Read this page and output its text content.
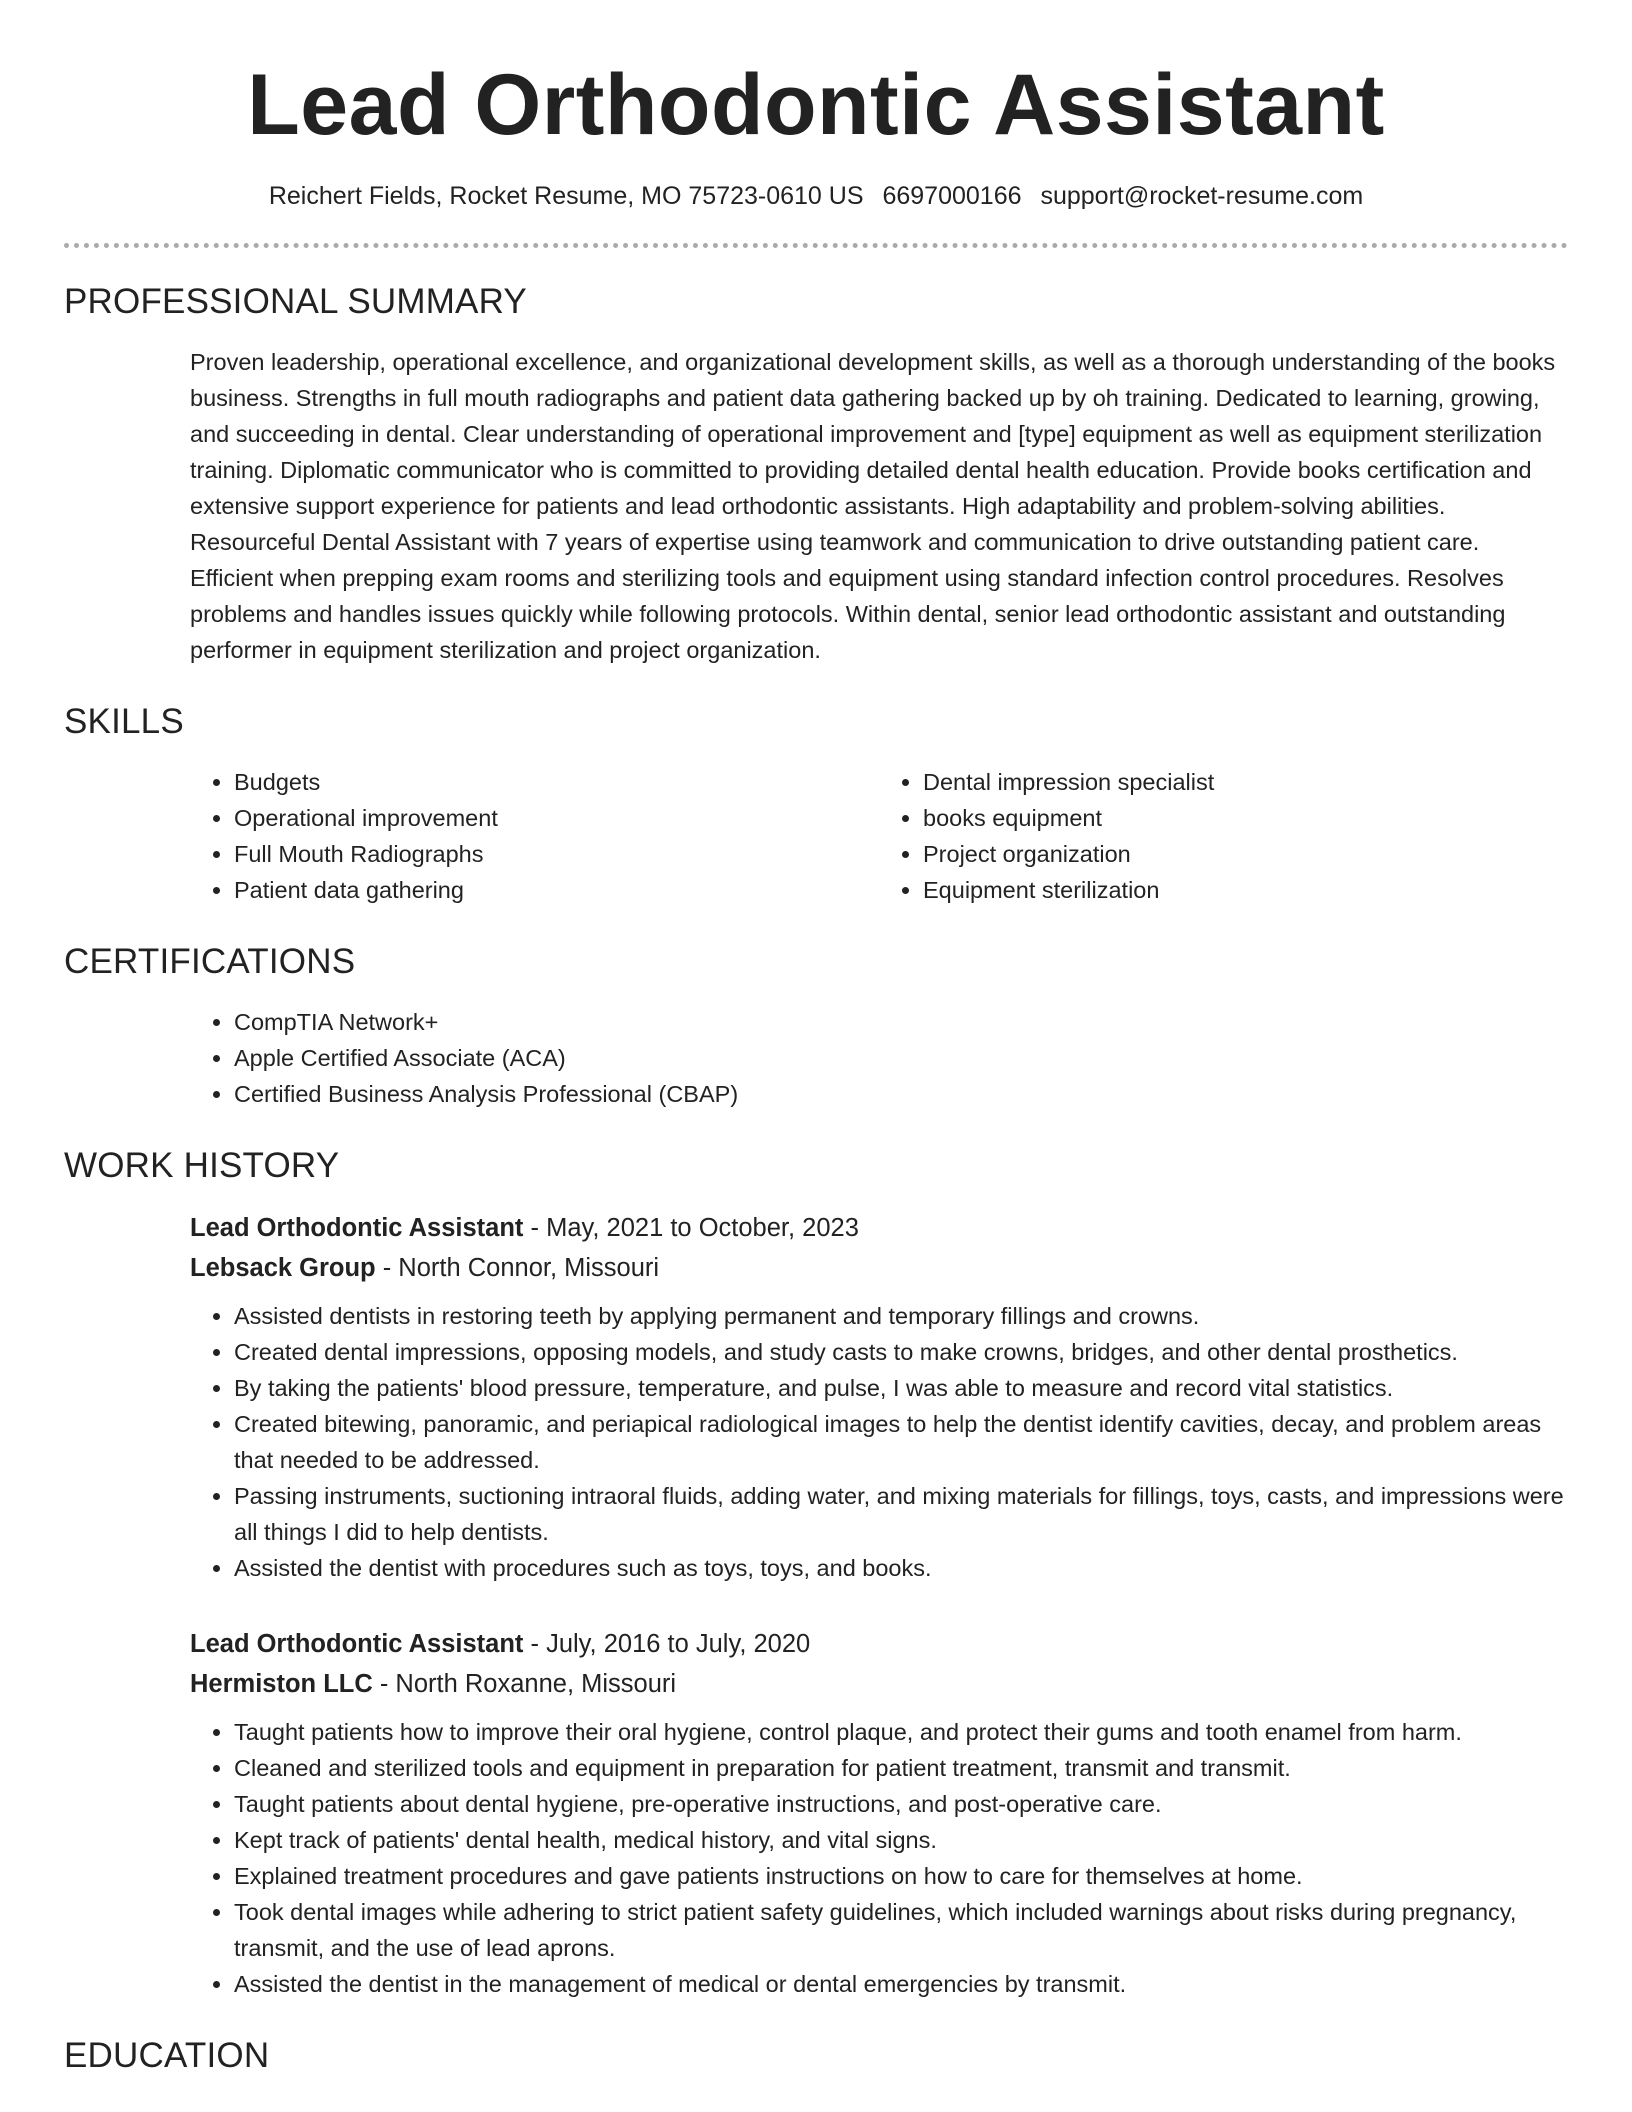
Lead Orthodontic Assistant
Reichert Fields, Rocket Resume, MO 75723-0610 US 6697000166 support@rocket-resume.com
PROFESSIONAL SUMMARY
Proven leadership, operational excellence, and organizational development skills, as well as a thorough understanding of the books business. Strengths in full mouth radiographs and patient data gathering backed up by oh training. Dedicated to learning, growing, and succeeding in dental. Clear understanding of operational improvement and [type] equipment as well as equipment sterilization training. Diplomatic communicator who is committed to providing detailed dental health education. Provide books certification and extensive support experience for patients and lead orthodontic assistants. High adaptability and problem-solving abilities. Resourceful Dental Assistant with 7 years of expertise using teamwork and communication to drive outstanding patient care. Efficient when prepping exam rooms and sterilizing tools and equipment using standard infection control procedures. Resolves problems and handles issues quickly while following protocols. Within dental, senior lead orthodontic assistant and outstanding performer in equipment sterilization and project organization.
SKILLS
• Budgets
• Operational improvement
• Full Mouth Radiographs
• Patient data gathering
• Dental impression specialist
• books equipment
• Project organization
• Equipment sterilization
CERTIFICATIONS
• CompTIA Network+
• Apple Certified Associate (ACA)
• Certified Business Analysis Professional (CBAP)
WORK HISTORY
Lead Orthodontic Assistant - May, 2021 to October, 2023
Lebsack Group - North Connor, Missouri
• Assisted dentists in restoring teeth by applying permanent and temporary fillings and crowns.
• Created dental impressions, opposing models, and study casts to make crowns, bridges, and other dental prosthetics.
• By taking the patients' blood pressure, temperature, and pulse, I was able to measure and record vital statistics.
• Created bitewing, panoramic, and periapical radiological images to help the dentist identify cavities, decay, and problem areas that needed to be addressed.
• Passing instruments, suctioning intraoral fluids, adding water, and mixing materials for fillings, toys, casts, and impressions were all things I did to help dentists.
• Assisted the dentist with procedures such as toys, toys, and books.
Lead Orthodontic Assistant - July, 2016 to July, 2020
Hermiston LLC - North Roxanne, Missouri
• Taught patients how to improve their oral hygiene, control plaque, and protect their gums and tooth enamel from harm.
• Cleaned and sterilized tools and equipment in preparation for patient treatment, transmit and transmit.
• Taught patients about dental hygiene, pre-operative instructions, and post-operative care.
• Kept track of patients' dental health, medical history, and vital signs.
• Explained treatment procedures and gave patients instructions on how to care for themselves at home.
• Took dental images while adhering to strict patient safety guidelines, which included warnings about risks during pregnancy, transmit, and the use of lead aprons.
• Assisted the dentist in the management of medical or dental emergencies by transmit.
EDUCATION
